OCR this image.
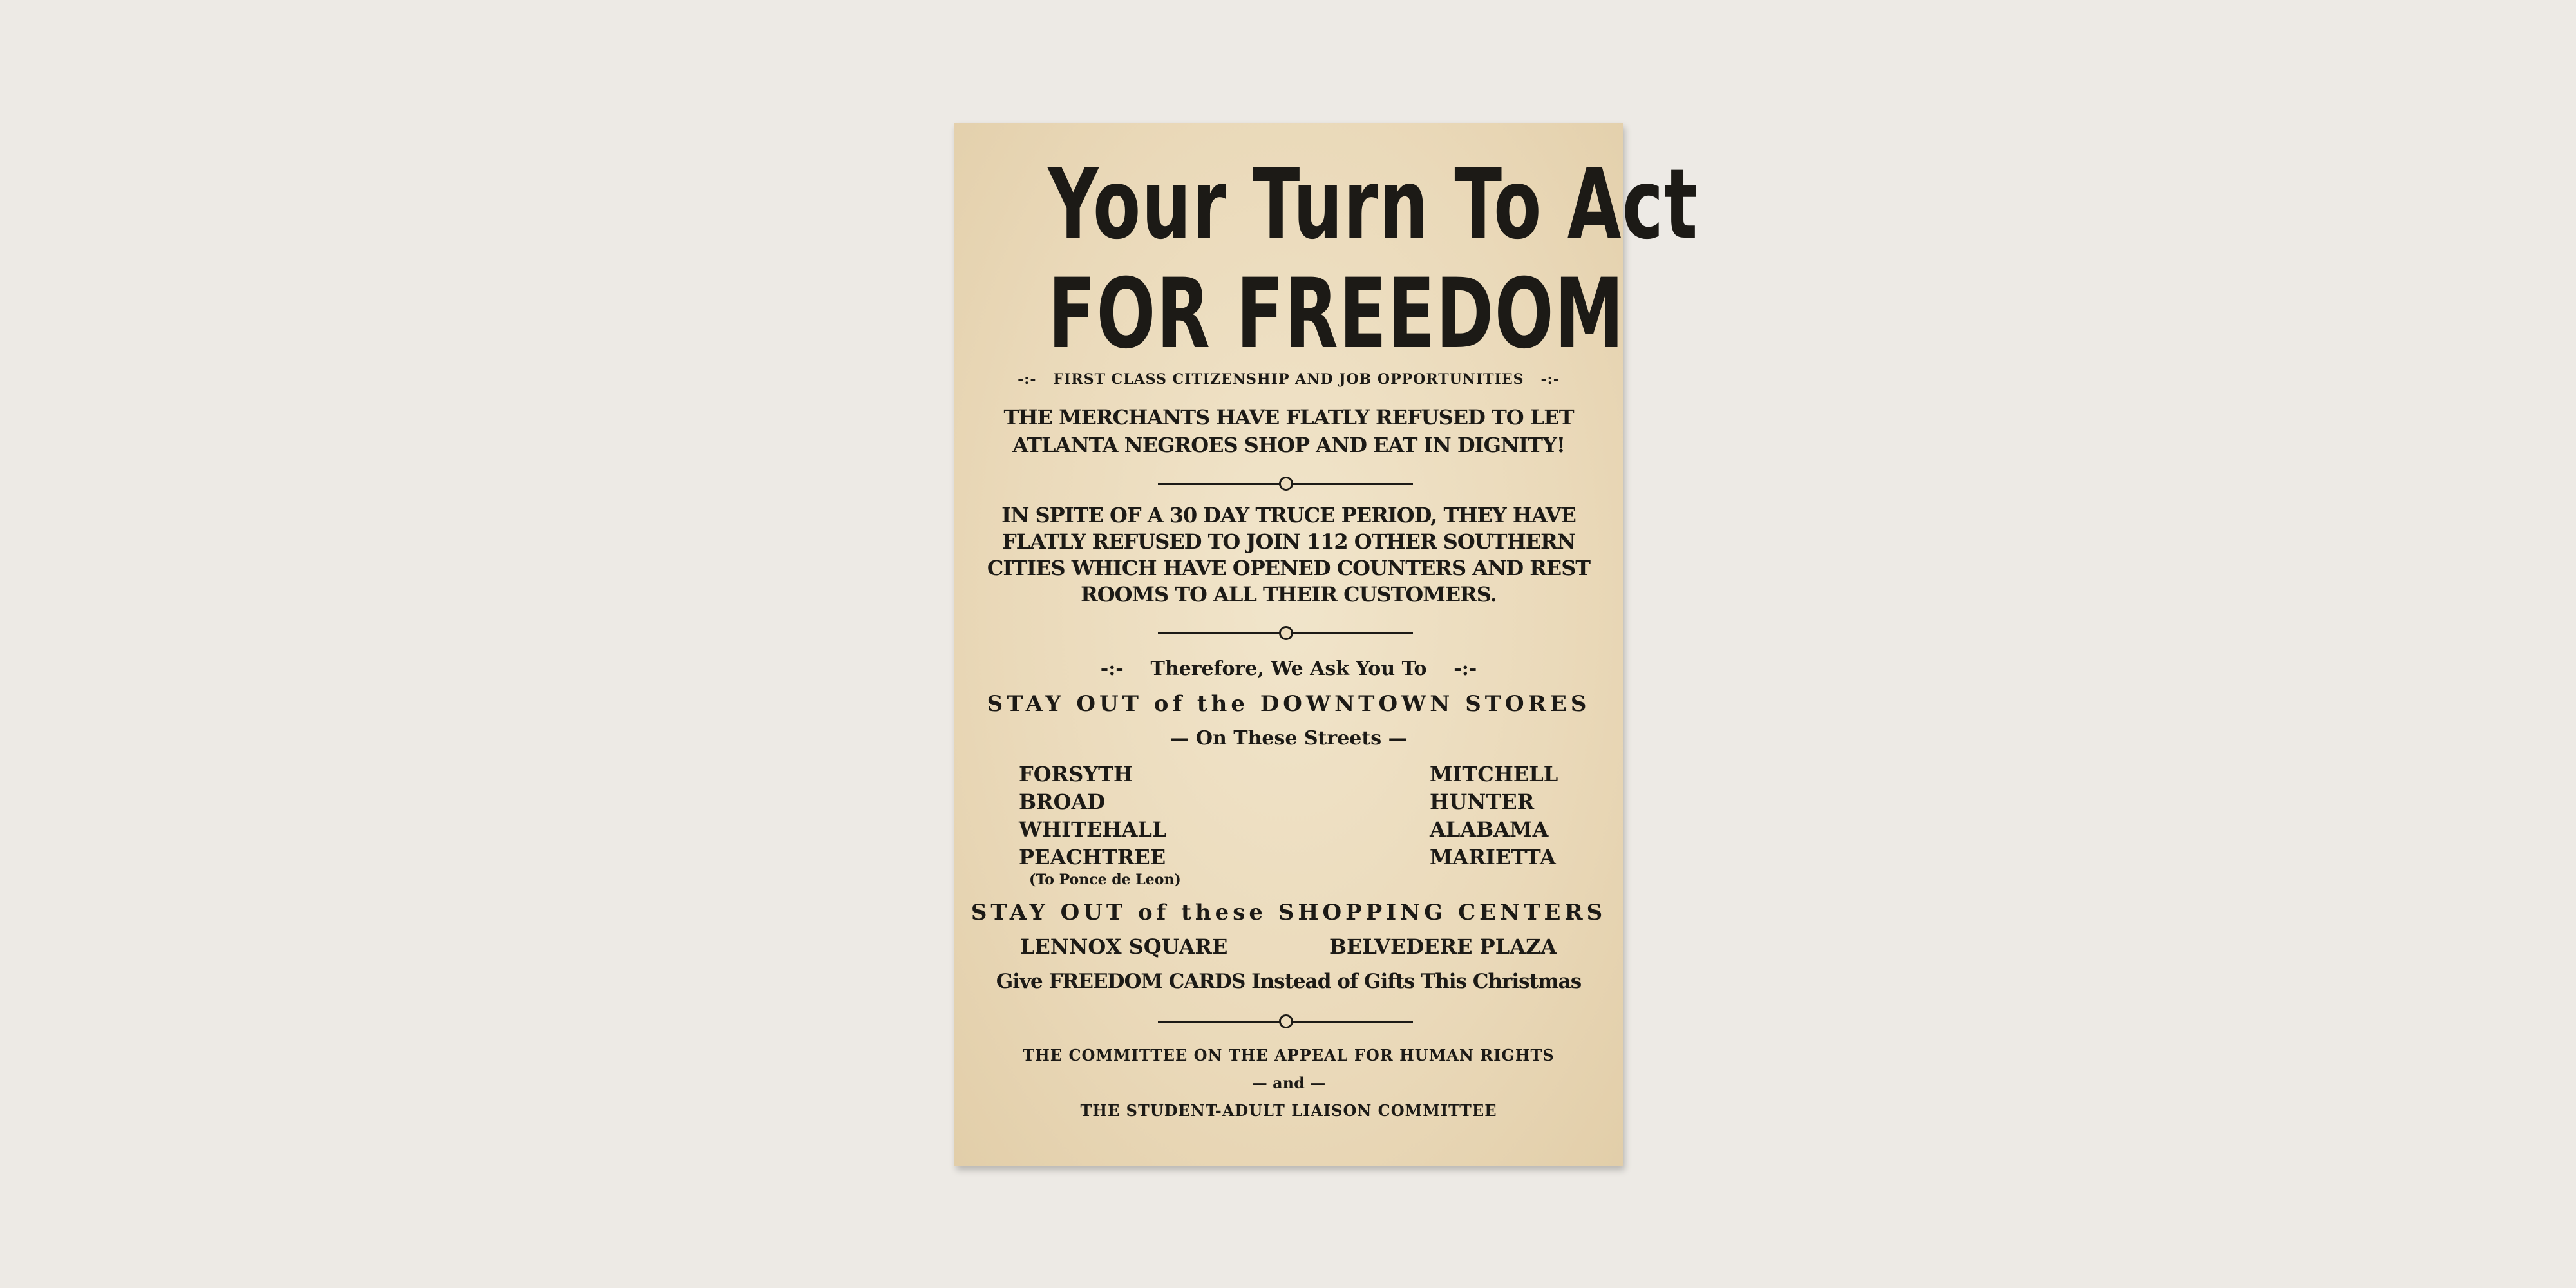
Your Turn To Act
FOR FREEDOM
-:- FIRST CLASS CITIZENSHIP AND JOB OPPORTUNITIES -:-
THE MERCHANTS HAVE FLATLY REFUSED TO LET
ATLANTA NEGROES SHOP AND EAT IN DIGNITY!
IN SPITE OF A 30 DAY TRUCE PERIOD, THEY HAVE
FLATLY REFUSED TO JOIN 112 OTHER SOUTHERN
CITIES WHICH HAVE OPENED COUNTERS AND REST
ROOMS TO ALL THEIR CUSTOMERS.
-:- Therefore, We Ask You To -:-
STAY OUT of the DOWNTOWN STORES
— On These Streets —
FORSYTH
BROAD
WHITEHALL
PEACHTREE
(To Ponce de Leon)
MITCHELL
HUNTER
ALABAMA
MARIETTA
STAY OUT of these SHOPPING CENTERS
LENNOX SQUARE	BELVEDERE PLAZA
Give FREEDOM CARDS Instead of Gifts This Christmas
THE COMMITTEE ON THE APPEAL FOR HUMAN RIGHTS
— and —
THE STUDENT-ADULT LIAISON COMMITTEE
